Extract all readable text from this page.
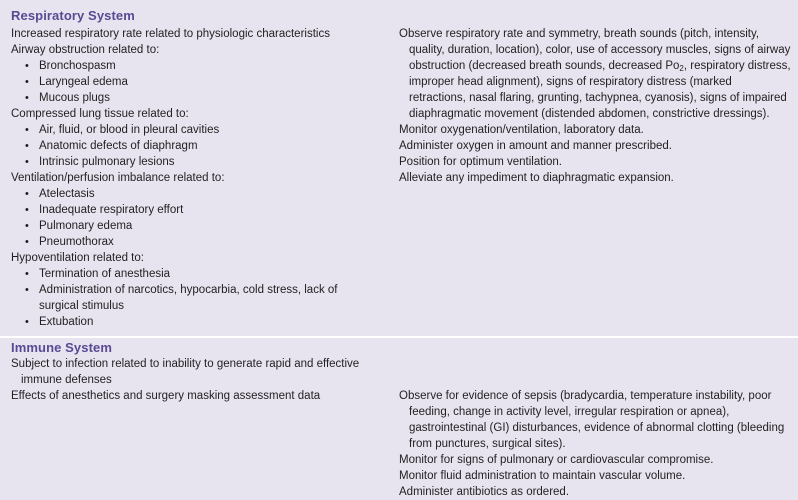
Respiratory System

Increased respiratory rate related to physiologic characteristics

Airway obstruction related to:

• Bronchospasm

• Laryngeal edema

• Mucous plugs

Compressed lung tissue related to:

• Air, fluid, or blood in pleural cavities

• Anatomic defects of diaphragm

• Intrinsic pulmonary lesions

Ventilation/perfusion imbalance related to:

• Atelectasis

• Inadequate respiratory effort

• Pulmonary edema

• Pneumothorax

Hypoventilation related to:

• Termination of anesthesia

• Administration of narcotics, hypocarbia, cold stress, lack of surgical stimulus

• Extubation

Observe respiratory rate and symmetry, breath sounds (pitch, intensity, quality, duration, location), color, use of accessory muscles, signs of airway obstruction (decreased breath sounds, decreased $Po_2$, respiratory distress, improper head alignment), signs of respiratory distress (marked retractions, nasal flaring, grunting, tachypnea, cyanosis), signs of impaired diaphragmatic movement (distended abdomen, constrictive dressings).

Monitor oxygenation/ventilation, laboratory data.

Administer oxygen in amount and manner prescribed.

Position for optimum ventilation.

Alleviate any impediment to diaphragmatic expansion.

Immune System

Subject to infection related to inability to generate rapid and effective immune defenses

Effects of anesthetics and surgery masking assessment data	Observe for evidence of sepsis (bradycardia, temperature instability, poor feeding, change in activity level, irregular respiration or apnea), gastrointestinal (GI) disturbances, evidence of abnormal clotting (bleeding from punctures, surgical sites).

Monitor for signs of pulmonary or cardiovascular compromise.

Monitor fluid administration to maintain vascular volume.

Administer antibiotics as ordered.
